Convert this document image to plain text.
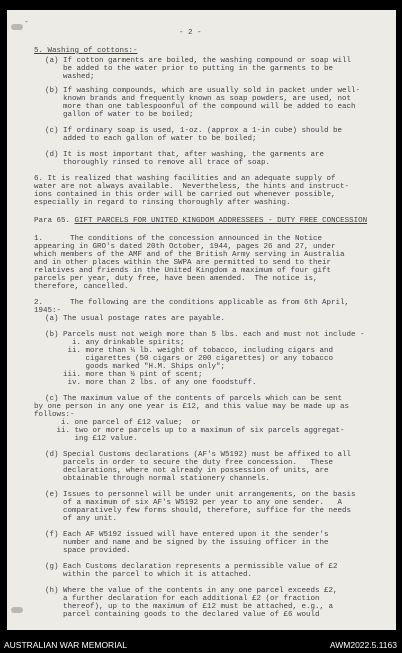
-
- 2 -
5. Washing of cottons:-
(a) If cotton garments are boiled, the washing compound or soap will
be added to the water prior to putting in the garments to be
washed;
(b) If washing compounds, which are usually sold in packet under well-
known brands and frequently known as soap powders, are used, not
more than one tablespoonful of the compound will be added to each
gallon of water to be boiled;
(c) If ordinary soap is used, 1-oz. (approx a 1-in cube) should be
added to each gallon of water to be boiled;
(d) It is most important that, after washing, the garments are
thoroughly rinsed to remove all trace of soap.
6. It is realized that washing facilities and an adequate supply of
water are not always available.  Nevertheless, the hints and instruct-
ions contained in this order will be carried out whenever possible,
especially in regard to rinsing thoroughly after washing.
Para 65. GIFT PARCELS FOR UNITED KINGDOM ADDRESSEES - DUTY FREE CONCESSION
1.      The conditions of the concession announced in the Notice
appearing in GRO's dated 20th October, 1944, pages 26 and 27, under
which members of the AMF and of the British Army serving in Australia
and in other places within the SWPA are permitted to send to their
relatives and friends in the United Kingdom a maximum of four gift
parcels per year, duty free, have been amended.  The notice is,
therefore, cancelled.
2.      The following are the conditions applicable as from 6th April,
1945:-
(a) The usual postage rates are payable.
(b) Parcels must not weigh more than 5 lbs. each and must not include -
i. any drinkable spirits;
ii. more than ¼ lb. weight of tobacco, including cigars and
cigarettes (50 cigars or 200 cigarettes) or any tobacco
goods marked "H.M. Ships only";
iii. more than ½ pint of scent;
iv. more than 2 lbs. of any one foodstuff.
(c) The maximum value of the contents of parcels which can be sent
by one person in any one year is £12, and this value may be made up as
follows:-
i. one parcel of £12 value;  or
ii. two or more parcels up to a maximum of six parcels aggregat-
ing £12 value.
(d) Special Customs declarations (AF's W5192) must be affixed to all
parcels in order to secure the duty free concession.   These
declarations, where not already in possession of units, are
obtainable through normal stationery channels.
(e) Issues to personnel will be under unit arrangements, on the basis
of a maximum of six AF's W5192 per year to any one sender.   A
comparatively few forms should, therefore, suffice for the needs
of any unit.
(f) Each AF W5192 issued will have entered upon it the sender's
number and name and be signed by the issuing officer in the
space provided.
(g) Each Customs declaration represents a permissible value of £2
within the parcel to which it is attached.
(h) Where the value of the contents in any one parcel exceeds £2,
a further declaration for each additional £2 (or fraction
thereof), up to the maximum of £12 must be attached, e.g., a
parcel containing goods to the declared value of £6 would
AUSTRALIAN WAR MEMORIAL	AWM2022.5.1163
